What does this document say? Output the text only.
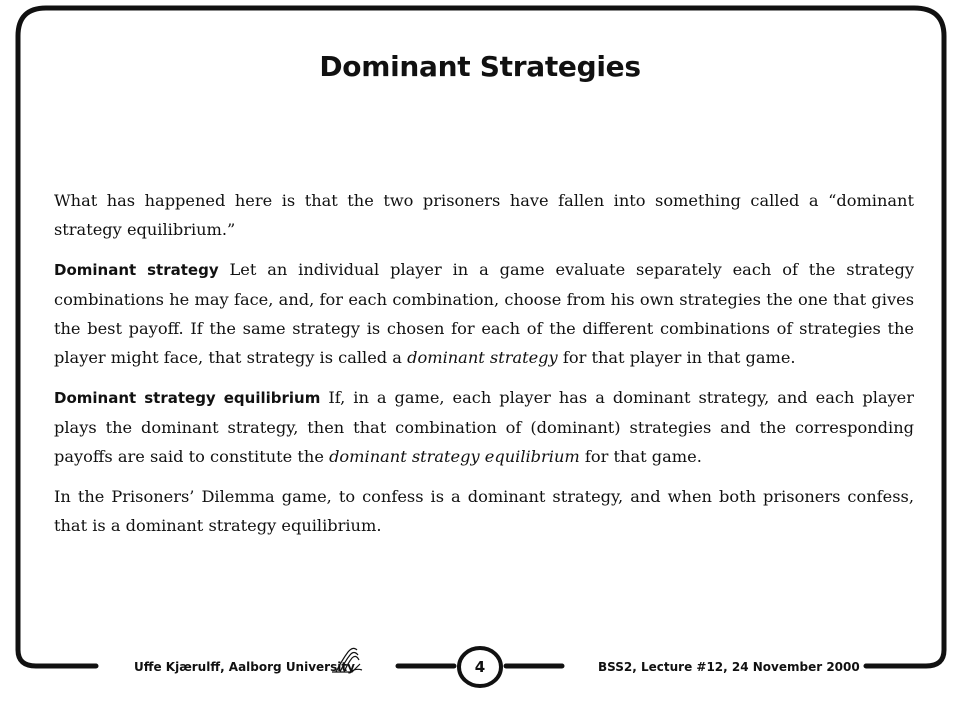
Dominant Strategies

What has happened here is that the two prisoners have fallen into something called a “dominant strategy equilibrium.”

Dominant strategy Let an individual player in a game evaluate separately each of the strategy combinations he may face, and, for each combination, choose from his own strategies the one that gives the best payoff. If the same strategy is chosen for each of the different combinations of strategies the player might face, that strategy is called a dominant strategy for that player in that game.

Dominant strategy equilibrium If, in a game, each player has a dominant strategy, and each player plays the dominant strategy, then that combination of (dominant) strategies and the corresponding payoffs are said to constitute the dominant strategy equilibrium for that game.

In the Prisoners’ Dilemma game, to confess is a dominant strategy, and when both prisoners confess, that is a dominant strategy equilibrium.

Uffe Kjærulff, Aalborg University	4	BSS2, Lecture #12, 24 November 2000
